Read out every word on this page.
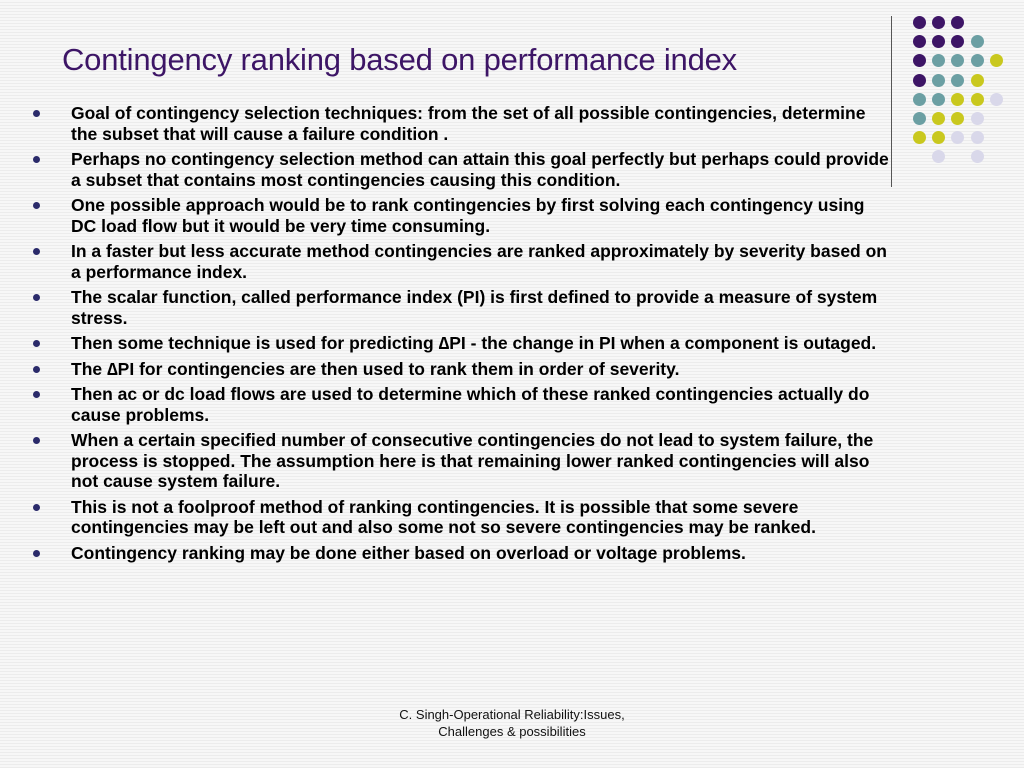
Contingency ranking based on performance index
Goal of contingency selection techniques: from the set of all possible contingencies, determine the subset that will cause a failure condition .
Perhaps no contingency selection method can attain this goal perfectly but perhaps could provide a subset that contains most contingencies causing this condition.
One possible approach would be to rank contingencies by first solving each contingency using DC load flow but it would be very time consuming.
In a faster but less accurate method contingencies are ranked approximately by severity based on a performance index.
The scalar function, called performance index (PI) is first defined to provide a measure of system stress.
Then some technique is used for predicting ∆PI - the change in PI when a component is outaged.
The ∆PI for contingencies are then used to rank them in order of severity.
Then ac or dc load flows are used to determine which of these ranked contingencies actually do cause problems.
When a certain specified number of consecutive contingencies do not lead to system failure, the process is stopped. The assumption here is that remaining lower ranked contingencies will also not cause system failure.
This is not a foolproof method of ranking contingencies. It is possible that some severe contingencies may be left out and also some not so severe contingencies may be ranked.
Contingency ranking may be done either based on overload or voltage problems.
C. Singh-Operational Reliability:Issues,
Challenges & possibilities
